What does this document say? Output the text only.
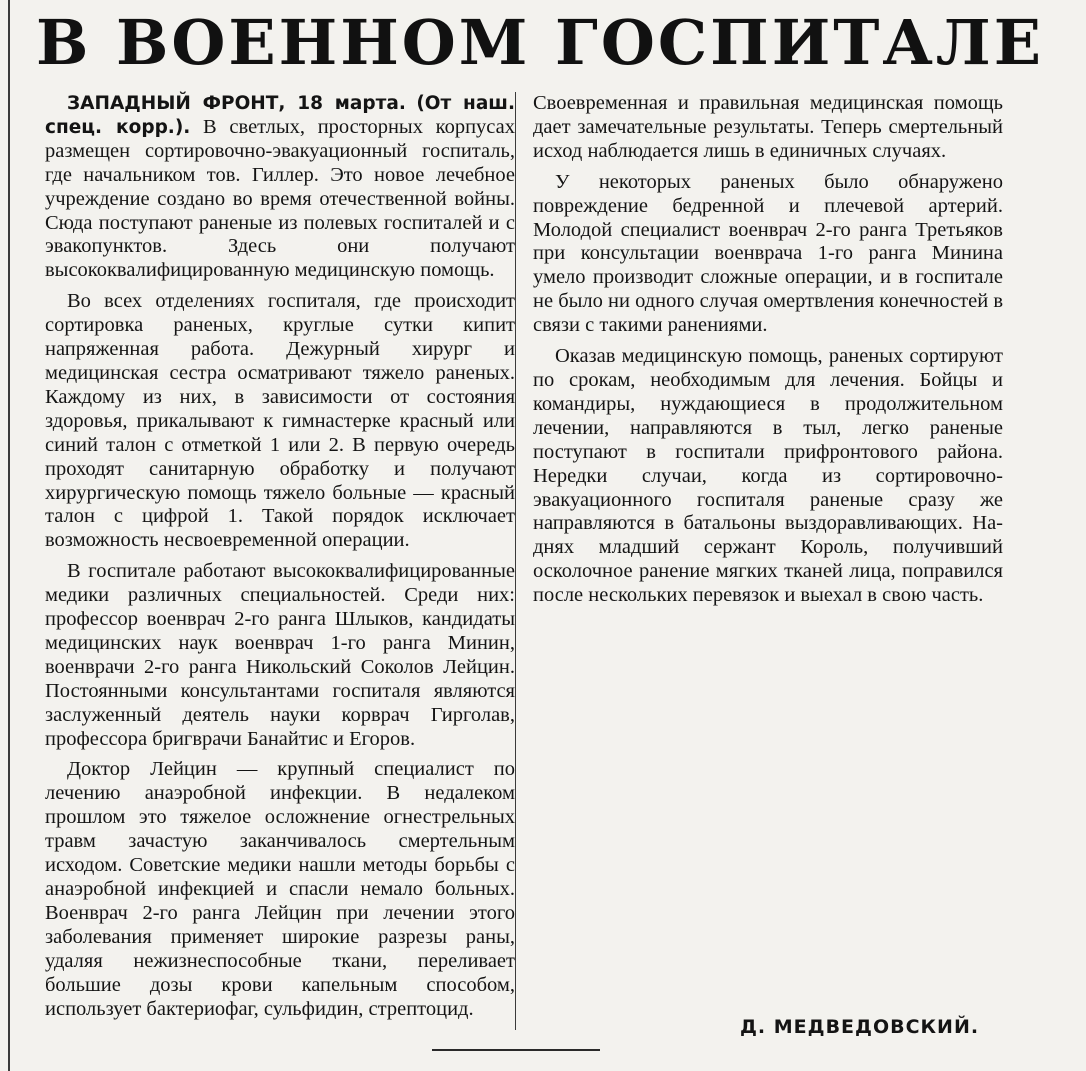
В ВОЕННОМ ГОСПИТАЛЕ

ЗАПАДНЫЙ ФРОНТ, 18 марта. (От наш. спец. корр.). В светлых, просторных корпусах размещен сортировочно-эвакуационный госпиталь, где начальником тов. Гиллер. Это новое лечебное учреждение создано во время отечественной войны. Сюда поступают раненые из полевых госпиталей и с эвакопунктов. Здесь они получают высококвалифицированную медицинскую помощь.

Во всех отделениях госпиталя, где происходит сортировка раненых, круглые сутки кипит напряженная работа. Дежурный хирург и медицинская сестра осматривают тяжело раненых. Каждому из них, в зависимости от состояния здоровья, прикалывают к гимнастерке красный или синий талон с отметкой 1 или 2. В первую очередь проходят санитарную обработку и получают хирургическую помощь тяжело больные — красный талон с цифрой 1. Такой порядок исключает возможность несвоевременной операции.

В госпитале работают высококвалифицированные медики различных специальностей. Среди них: профессор военврач 2-го ранга Шлыков, кандидаты медицинских наук военврач 1-го ранга Минин, военврачи 2-го ранга Никольский Соколов Лейцин. Постоянными консультантами госпиталя являются заслуженный деятель науки корврач Гирголав, профессора бригврачи Банайтис и Егоров.

Доктор Лейцин — крупный специалист по лечению анаэробной инфекции. В недалеком прошлом это тяжелое осложнение огнестрельных травм зачастую заканчивалось смертельным исходом. Советские медики нашли методы борьбы с анаэробной инфекцией и спасли немало больных. Военврач 2-го ранга Лейцин при лечении этого заболевания применяет широкие разрезы раны, удаляя нежизнеспособные ткани, переливает большие дозы крови капельным способом, использует бактериофаг, сульфидин, стрептоцид.

Своевременная и правильная медицинская помощь дает замечательные результаты. Теперь смертельный исход наблюдается лишь в единичных случаях.

У некоторых раненых было обнаружено повреждение бедренной и плечевой артерий. Молодой специалист военврач 2-го ранга Третьяков при консультации военврача 1-го ранга Минина умело производит сложные операции, и в госпитале не было ни одного случая омертвления конечностей в связи с такими ранениями.

Оказав медицинскую помощь, раненых сортируют по срокам, необходимым для лечения. Бойцы и командиры, нуждающиеся в продолжительном лечении, направляются в тыл, легко раненые поступают в госпитали прифронтового района. Нередки случаи, когда из сортировочно-эвакуационного госпиталя раненые сразу же направляются в батальоны выздоравливающих. На-днях младший сержант Король, получивший осколочное ранение мягких тканей лица, поправился после нескольких перевязок и выехал в свою часть.

Д. МЕДВЕДОВСКИЙ.
